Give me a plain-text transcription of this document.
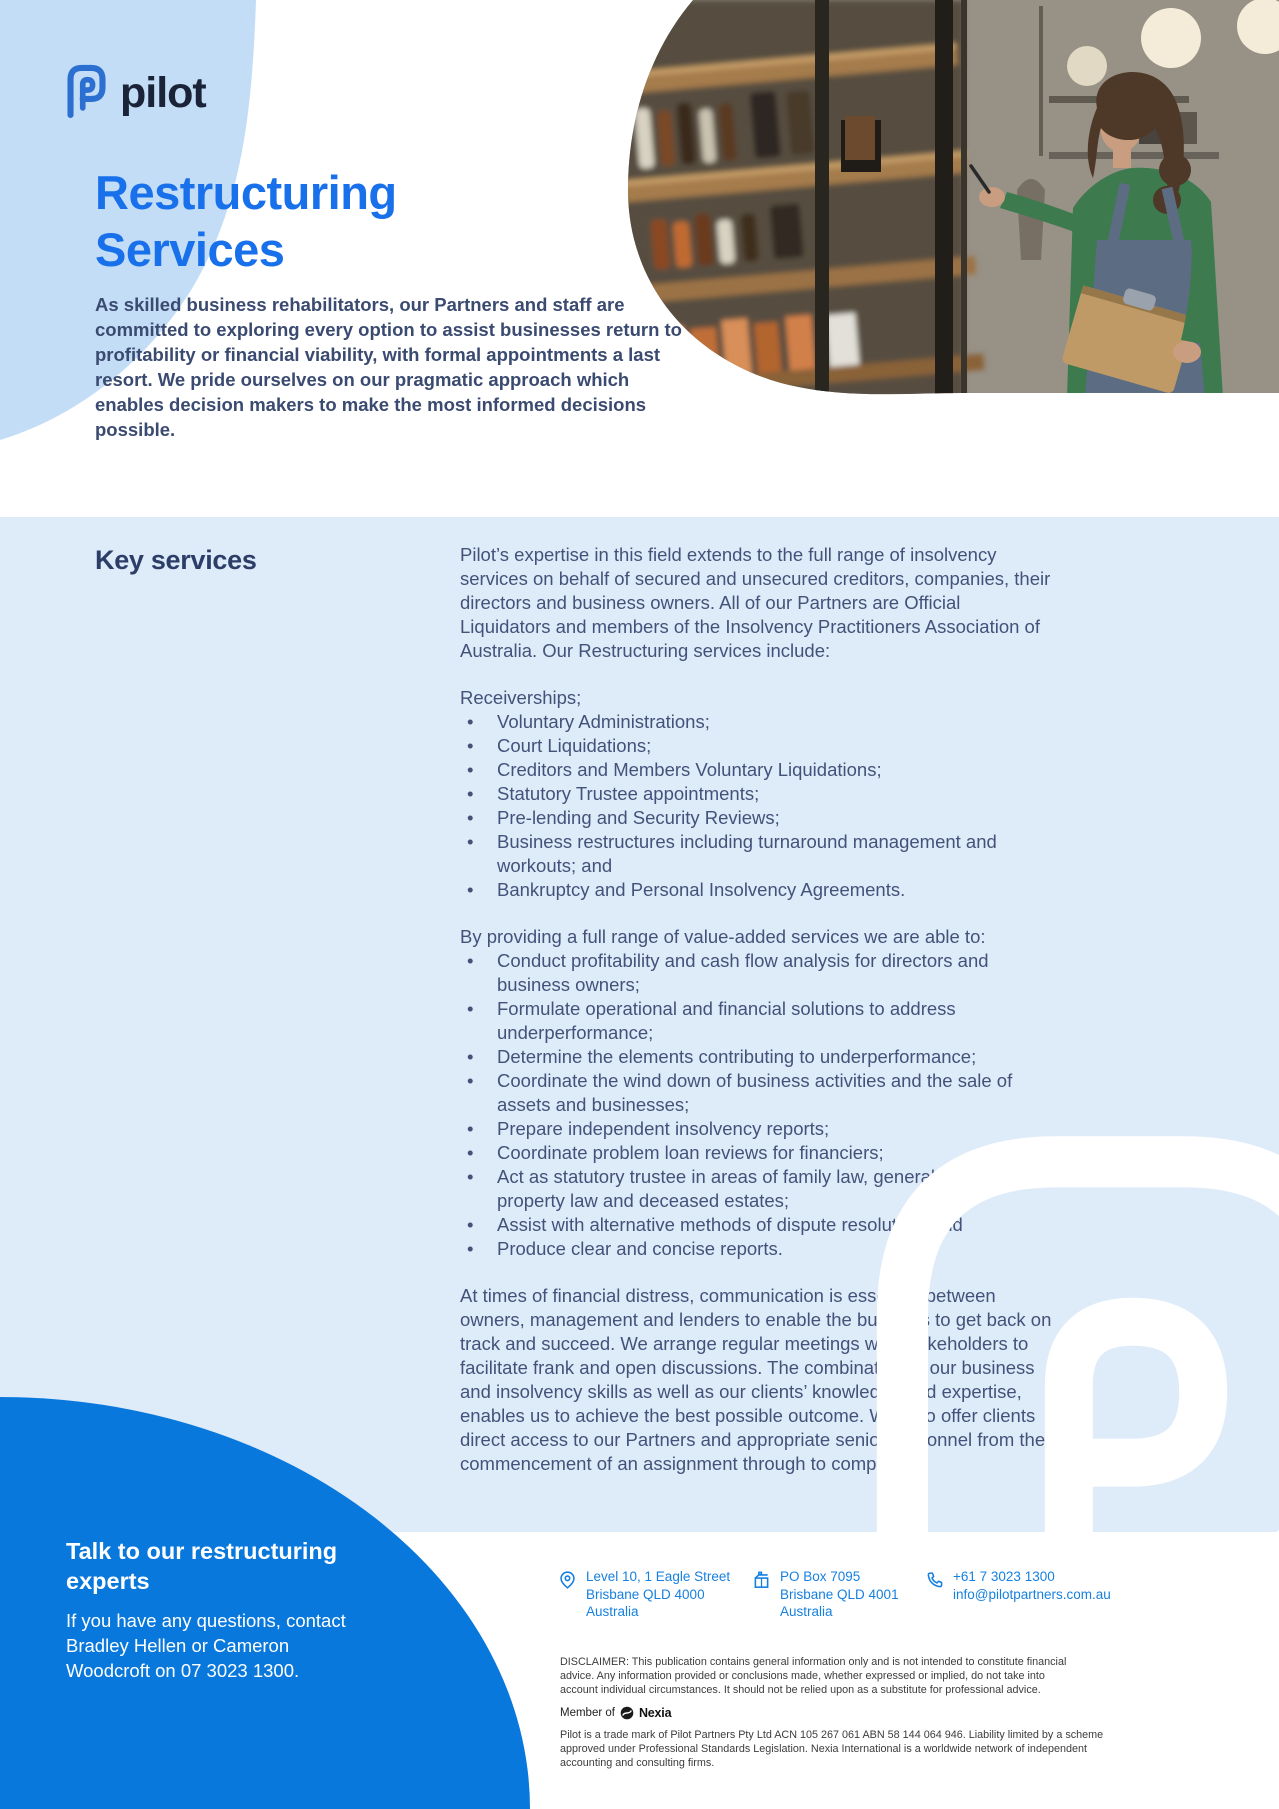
pilot
Restructuring
Services
As skilled business rehabilitators, our Partners and staff are committed to exploring every option to assist businesses return to profitability or financial viability, with formal appointments a last resort. We pride ourselves on our pragmatic approach which enables decision makers to make the most informed decisions possible.
Key services	Pilot’s expertise in this field extends to the full range of insolvency services on behalf of secured and unsecured creditors, companies, their directors and business owners. All of our Partners are Official Liquidators and members of the Insolvency Practitioners Association of Australia. Our Restructuring services include:

Receiverships;
• Voluntary Administrations;
• Court Liquidations;
• Creditors and Members Voluntary Liquidations;
• Statutory Trustee appointments;
• Pre-lending and Security Reviews;
• Business restructures including turnaround management and workouts; and
• Bankruptcy and Personal Insolvency Agreements.
By providing a full range of value-added services we are able to:
• Conduct profitability and cash flow analysis for directors and business owners;
• Formulate operational and financial solutions to address underperformance;
• Determine the elements contributing to underperformance;
• Coordinate the wind down of business activities and the sale of assets and businesses;
• Prepare independent insolvency reports;
• Coordinate problem loan reviews for financiers;
• Act as statutory trustee in areas of family law, general litigation, property law and deceased estates;
• Assist with alternative methods of dispute resolution; and
• Produce clear and concise reports.

At times of financial distress, communication is essential between owners, management and lenders to enable the business to get back on track and succeed. We arrange regular meetings with stakeholders to facilitate frank and open discussions. The combination of our business and insolvency skills as well as our clients’ knowledge and expertise, enables us to achieve the best possible outcome. We also offer clients direct access to our Partners and appropriate senior personnel from the commencement of an assignment through to completion.

Talk to our restructuring experts
If you have any questions, contact Bradley Hellen or Cameron Woodcroft on 07 3023 1300.
Level 10, 1 Eagle Street
Brisbane QLD 4000
Australia
PO Box 7095
Brisbane QLD 4001
Australia
+61 7 3023 1300
info@pilotpartners.com.au
DISCLAIMER: This publication contains general information only and is not intended to constitute financial advice. Any information provided or conclusions made, whether expressed or implied, do not take into account individual circumstances. It should not be relied upon as a substitute for professional advice.
Member of Nexia
Pilot is a trade mark of Pilot Partners Pty Ltd ACN 105 267 061 ABN 58 144 064 946. Liability limited by a scheme approved under Professional Standards Legislation. Nexia International is a worldwide network of independent accounting and consulting firms.
